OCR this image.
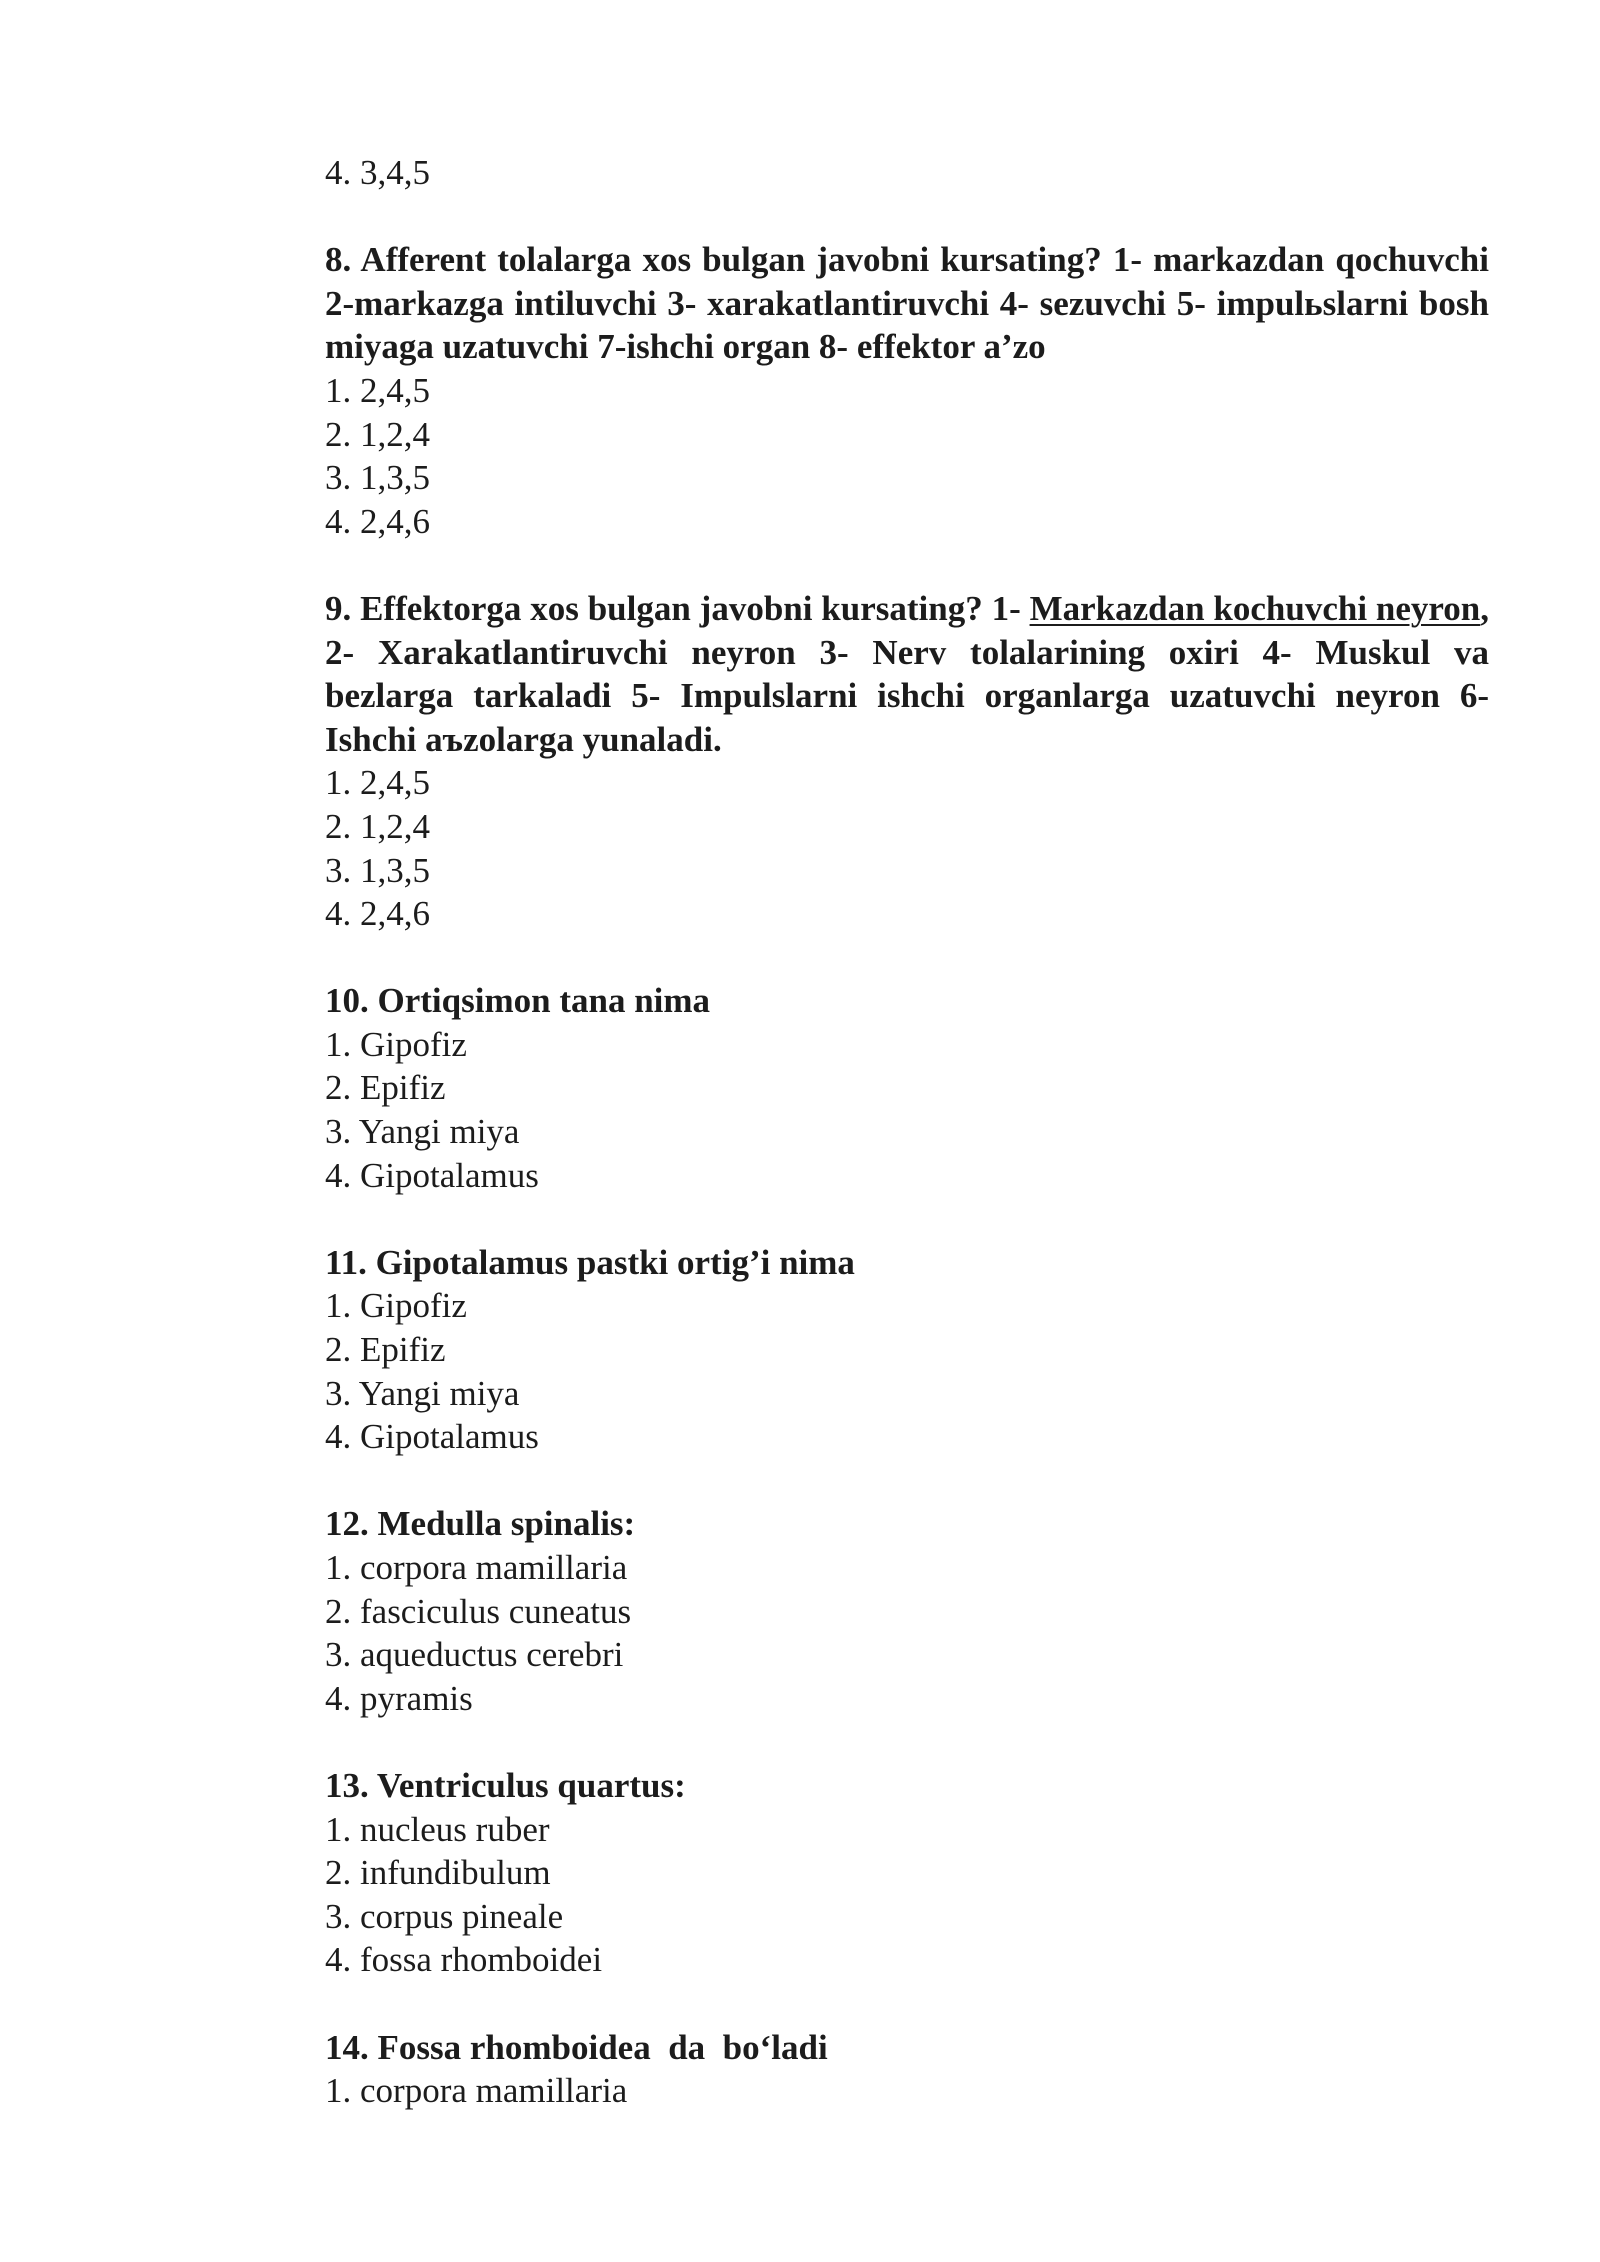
4. 3,4,5

8. Afferent tolalarga xos bulgan javobni kursating? 1- markazdan qochuvchi 2-markazga intiluvchi 3- xarakatlantiruvchi 4- sezuvchi 5- impulьslarni bosh miyaga uzatuvchi 7-ishchi organ 8- effektor a’zo

1. 2,4,5

2. 1,2,4

3. 1,3,5

4. 2,4,6

9. Effektorga xos bulgan javobni kursating? 1- Markazdan kochuvchi neyron, 2- Xarakatlantiruvchi neyron 3- Nerv tolalarining oxiri 4- Muskul va bezlarga tarkaladi 5- Impulslarni ishchi organlarga uzatuvchi neyron 6- Ishchi aъzolarga yunaladi.

1. 2,4,5

2. 1,2,4

3. 1,3,5

4. 2,4,6

10. Ortiqsimon tana nima

1. Gipofiz

2. Epifiz

3. Yangi miya

4. Gipotalamus

11. Gipotalamus pastki ortig’i nima

1. Gipofiz

2. Epifiz

3. Yangi miya

4. Gipotalamus

12. Medulla spinalis:

1. corpora mamillaria

2. fasciculus cuneatus

3. aqueductus cerebri

4. pyramis

13. Ventriculus quartus:

1. nucleus ruber

2. infundibulum

3. corpus pineale

4. fossa rhomboidei

14. Fossa rhomboidea  da  bo‘ladi

1. corpora mamillaria
